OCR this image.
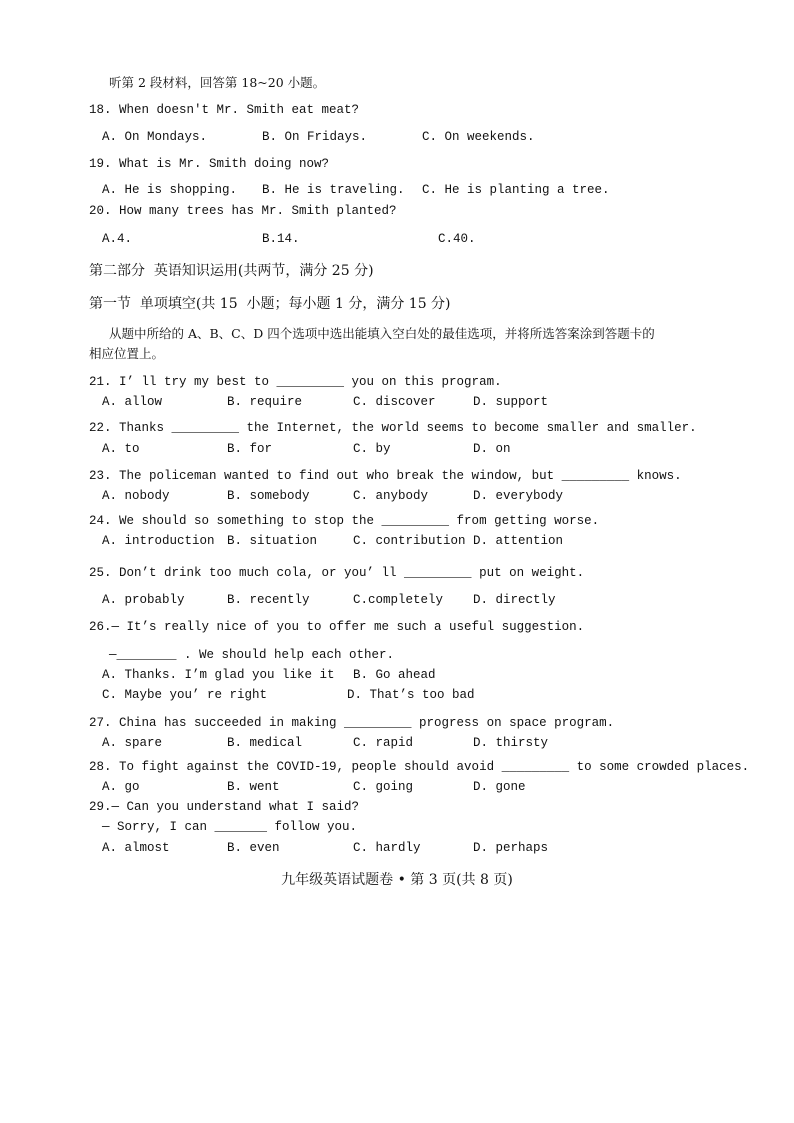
听第 2 段材料，回答第 18~20 小题。
18. When doesn't Mr. Smith eat meat?
A. On Mondays.	B. On Fridays.	C. On weekends.
19. What is Mr. Smith doing now?
A. He is shopping. B. He is traveling. C. He is planting a tree.
20. How many trees has Mr. Smith planted?
A.4.	B.14.	C.40.
第二部分  英语知识运用(共两节，满分 25 分)
第一节  单项填空(共 15  小题；每小题 1 分，满分 15 分)
从题中所给的 A、B、C、D 四个选项中选出能填入空白处的最佳选项，并将所选答案涂到答题卡的
相应位置上。
21. I’ ll try my best to _________ you on this program.
A. allow	B. require	C. discover	D. support
22. Thanks _________ the Internet, the world seems to become smaller and smaller.
A. to	B. for	C. by	D. on
23. The policeman wanted to find out who break the window, but _________ knows.
A. nobody	B. somebody	C. anybody	D. everybody
24. We should so something to stop the _________ from getting worse.
A. introduction B. situation	C. contribution D. attention
25. Don’t drink too much cola, or you’ ll _________ put on weight.
A. probably	B. recently	C.completely D. directly
26.— It’s really nice of you to offer me such a useful suggestion.
—________ . We should help each other.
A. Thanks. I’m glad you like it B. Go ahead
C. Maybe you’ re right	D. That’s too bad
27. China has succeeded in making _________ progress on space program.
A. spare	B. medical	C. rapid	D. thirsty
28. To fight against the COVID-19, people should avoid _________ to some crowded places.
A. go	B. went	C. going	D. gone
29.— Can you understand what I said?
— Sorry, I can _______ follow you.
A. almost	B. even	C. hardly	D. perhaps
九年级英语试题卷 • 第 3 页(共 8 页)
